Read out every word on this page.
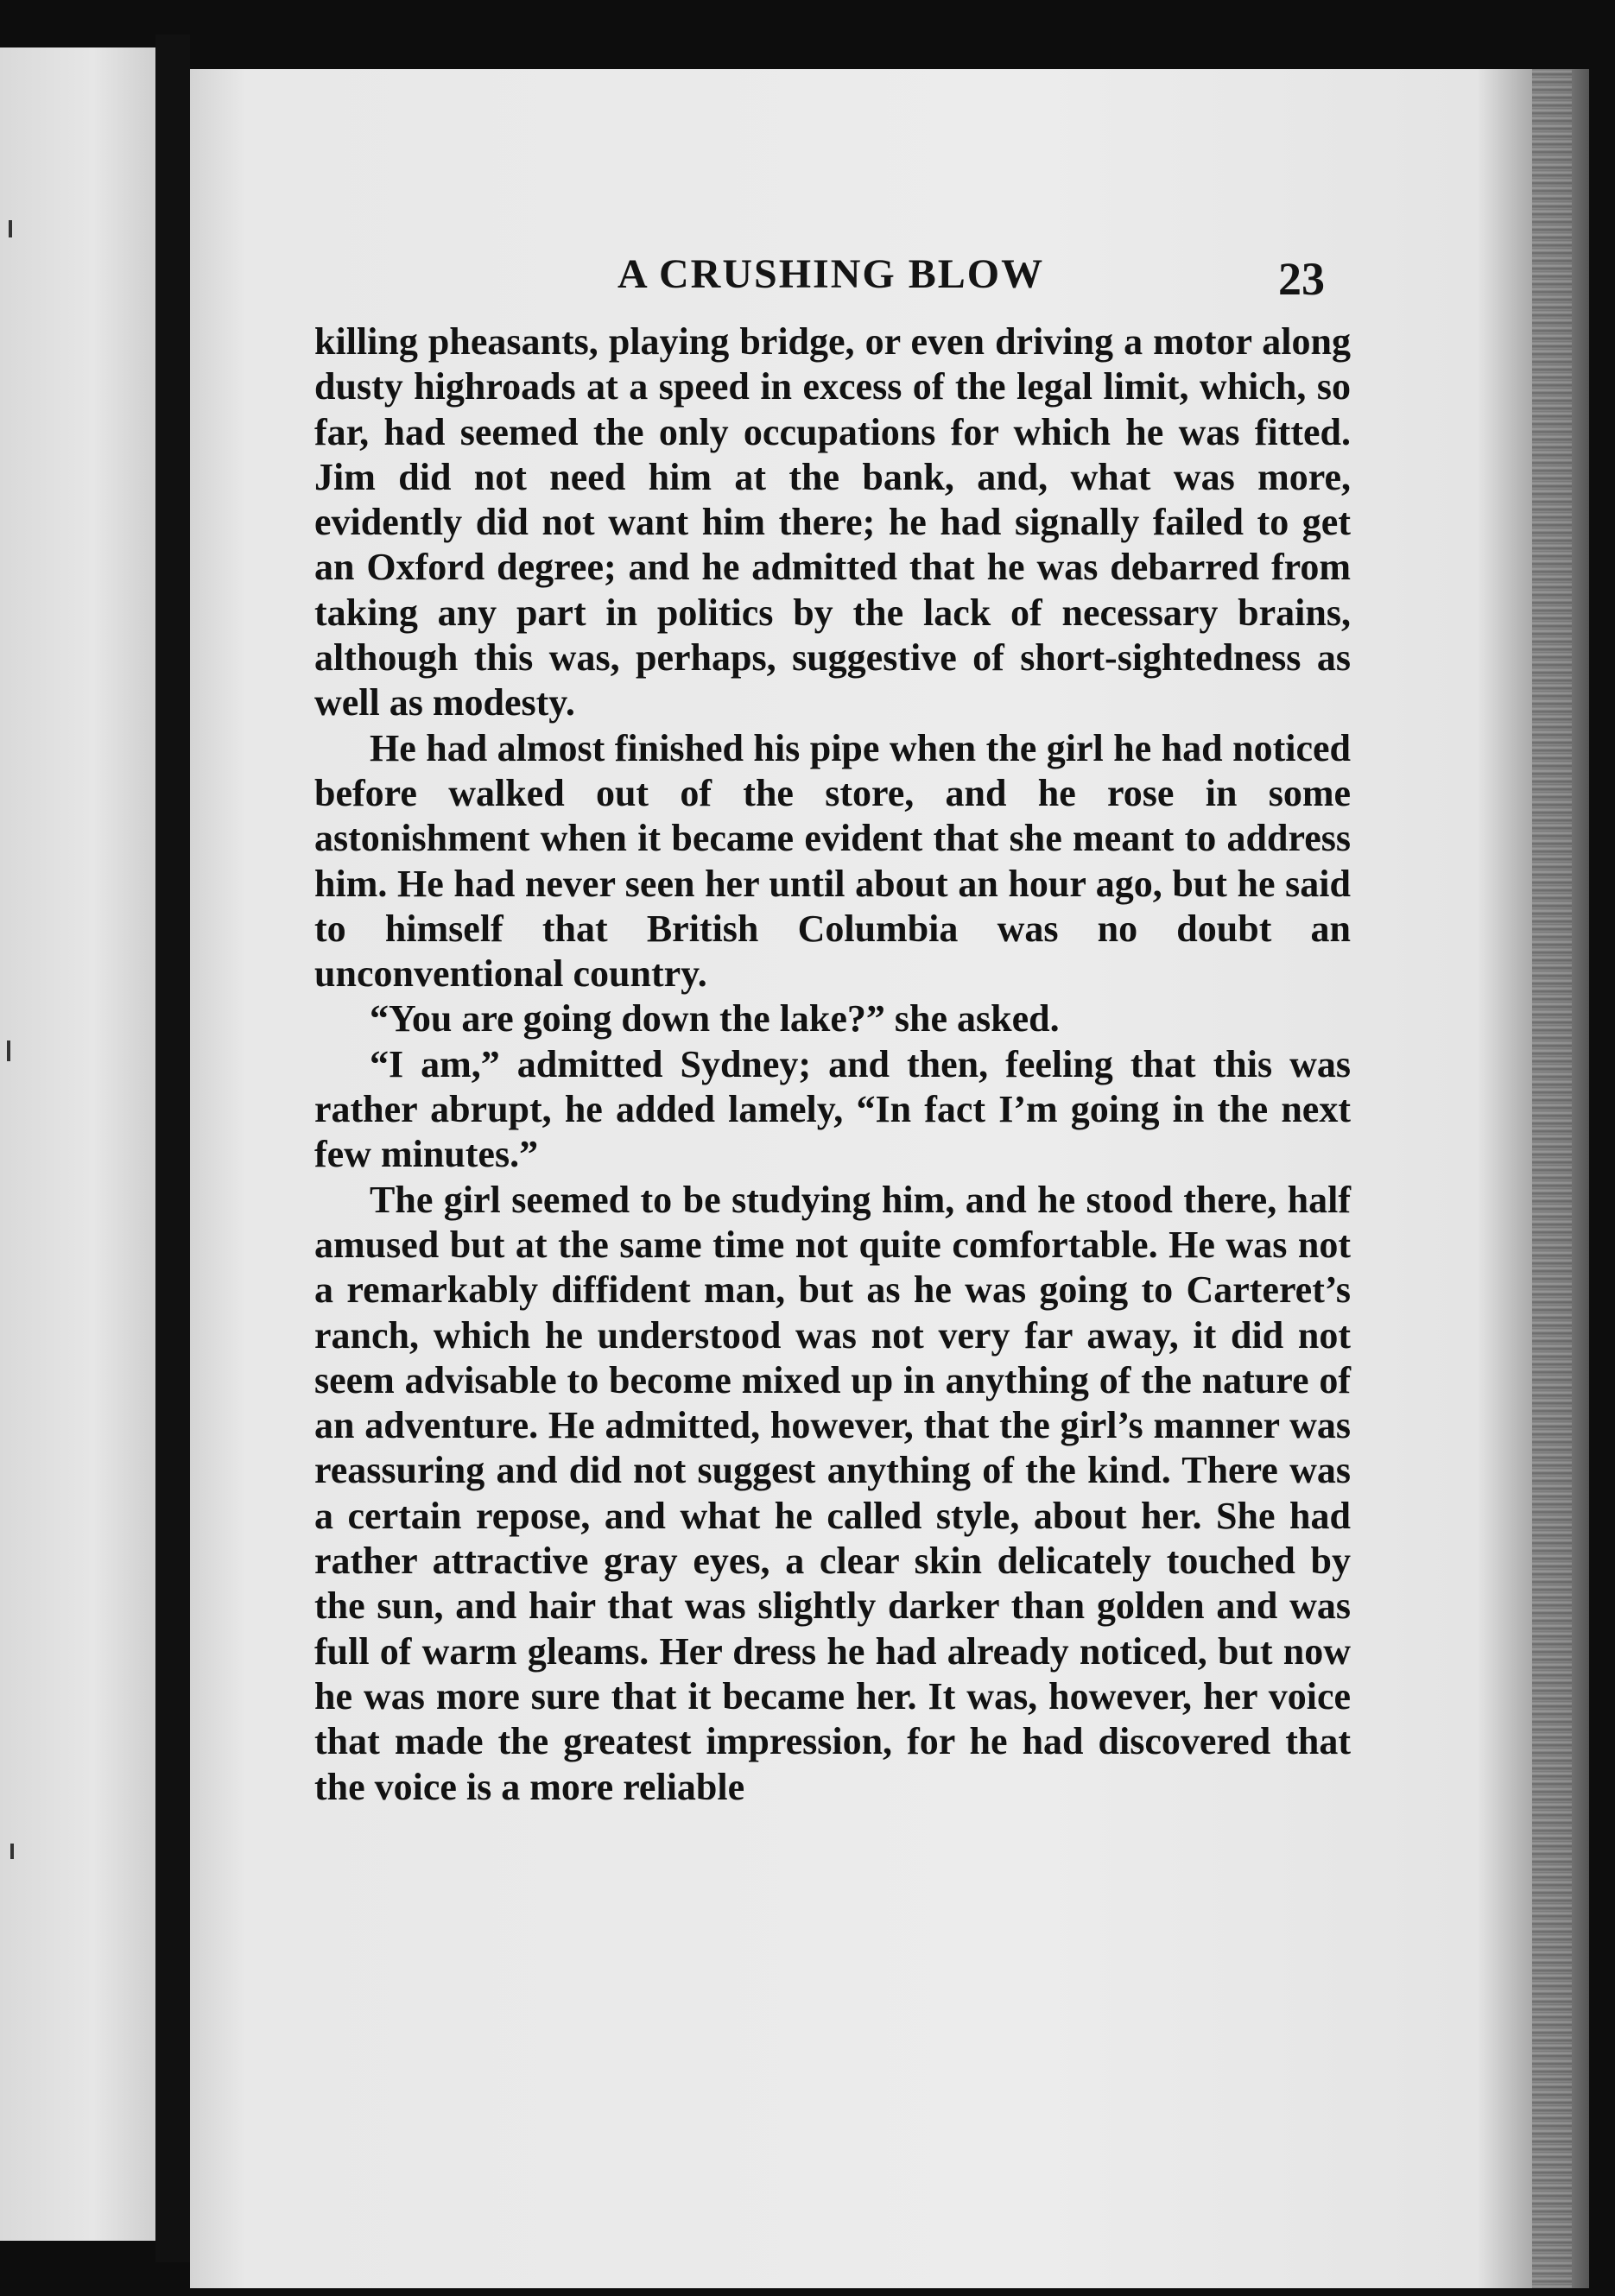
A CRUSHING BLOW	23

killing pheasants, playing bridge, or even driving a motor along dusty highroads at a speed in excess of the legal limit, which, so far, had seemed the only occupations for which he was fitted. Jim did not need him at the bank, and, what was more, evidently did not want him there; he had signally failed to get an Oxford degree; and he admitted that he was debarred from taking any part in politics by the lack of necessary brains, although this was, perhaps, suggestive of short-sightedness as well as modesty.

He had almost finished his pipe when the girl he had noticed before walked out of the store, and he rose in some astonishment when it became evident that she meant to address him. He had never seen her until about an hour ago, but he said to himself that British Columbia was no doubt an unconventional country.

“You are going down the lake?” she asked.

“I am,” admitted Sydney; and then, feeling that this was rather abrupt, he added lamely, “In fact I’m going in the next few minutes.”

The girl seemed to be studying him, and he stood there, half amused but at the same time not quite comfortable. He was not a remarkably diffident man, but as he was going to Carteret’s ranch, which he understood was not very far away, it did not seem advisable to become mixed up in anything of the nature of an adventure. He admitted, however, that the girl’s manner was reassuring and did not suggest anything of the kind. There was a certain repose, and what he called style, about her. She had rather attractive gray eyes, a clear skin delicately touched by the sun, and hair that was slightly darker than golden and was full of warm gleams. Her dress he had already noticed, but now he was more sure that it became her. It was, however, her voice that made the greatest impression, for he had discovered that the voice is a more reliable
